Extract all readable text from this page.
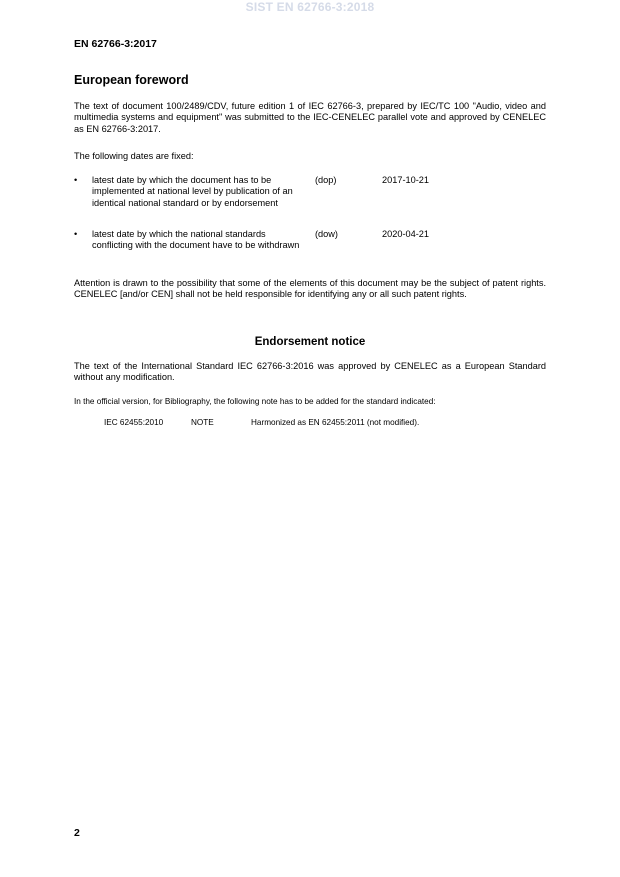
SIST EN 62766-3:2018
EN 62766-3:2017
European foreword
The text of document 100/2489/CDV, future edition 1 of IEC 62766-3, prepared by IEC/TC 100 "Audio, video and multimedia systems and equipment" was submitted to the IEC-CENELEC parallel vote and approved by CENELEC as EN 62766-3:2017.
The following dates are fixed:
• latest date by which the document has to be implemented at national level by publication of an identical national standard or by endorsement
(dop)	2017-10-21
• latest date by which the national standards conflicting with the document have to be withdrawn
(dow)	2020-04-21
Attention is drawn to the possibility that some of the elements of this document may be the subject of patent rights. CENELEC [and/or CEN] shall not be held responsible for identifying any or all such patent rights.
Endorsement notice
The text of the International Standard IEC 62766-3:2016 was approved by CENELEC as a European Standard without any modification.
In the official version, for Bibliography, the following note has to be added for the standard indicated:
IEC 62455:2010	NOTE	Harmonized as EN 62455:2011 (not modified).
2
